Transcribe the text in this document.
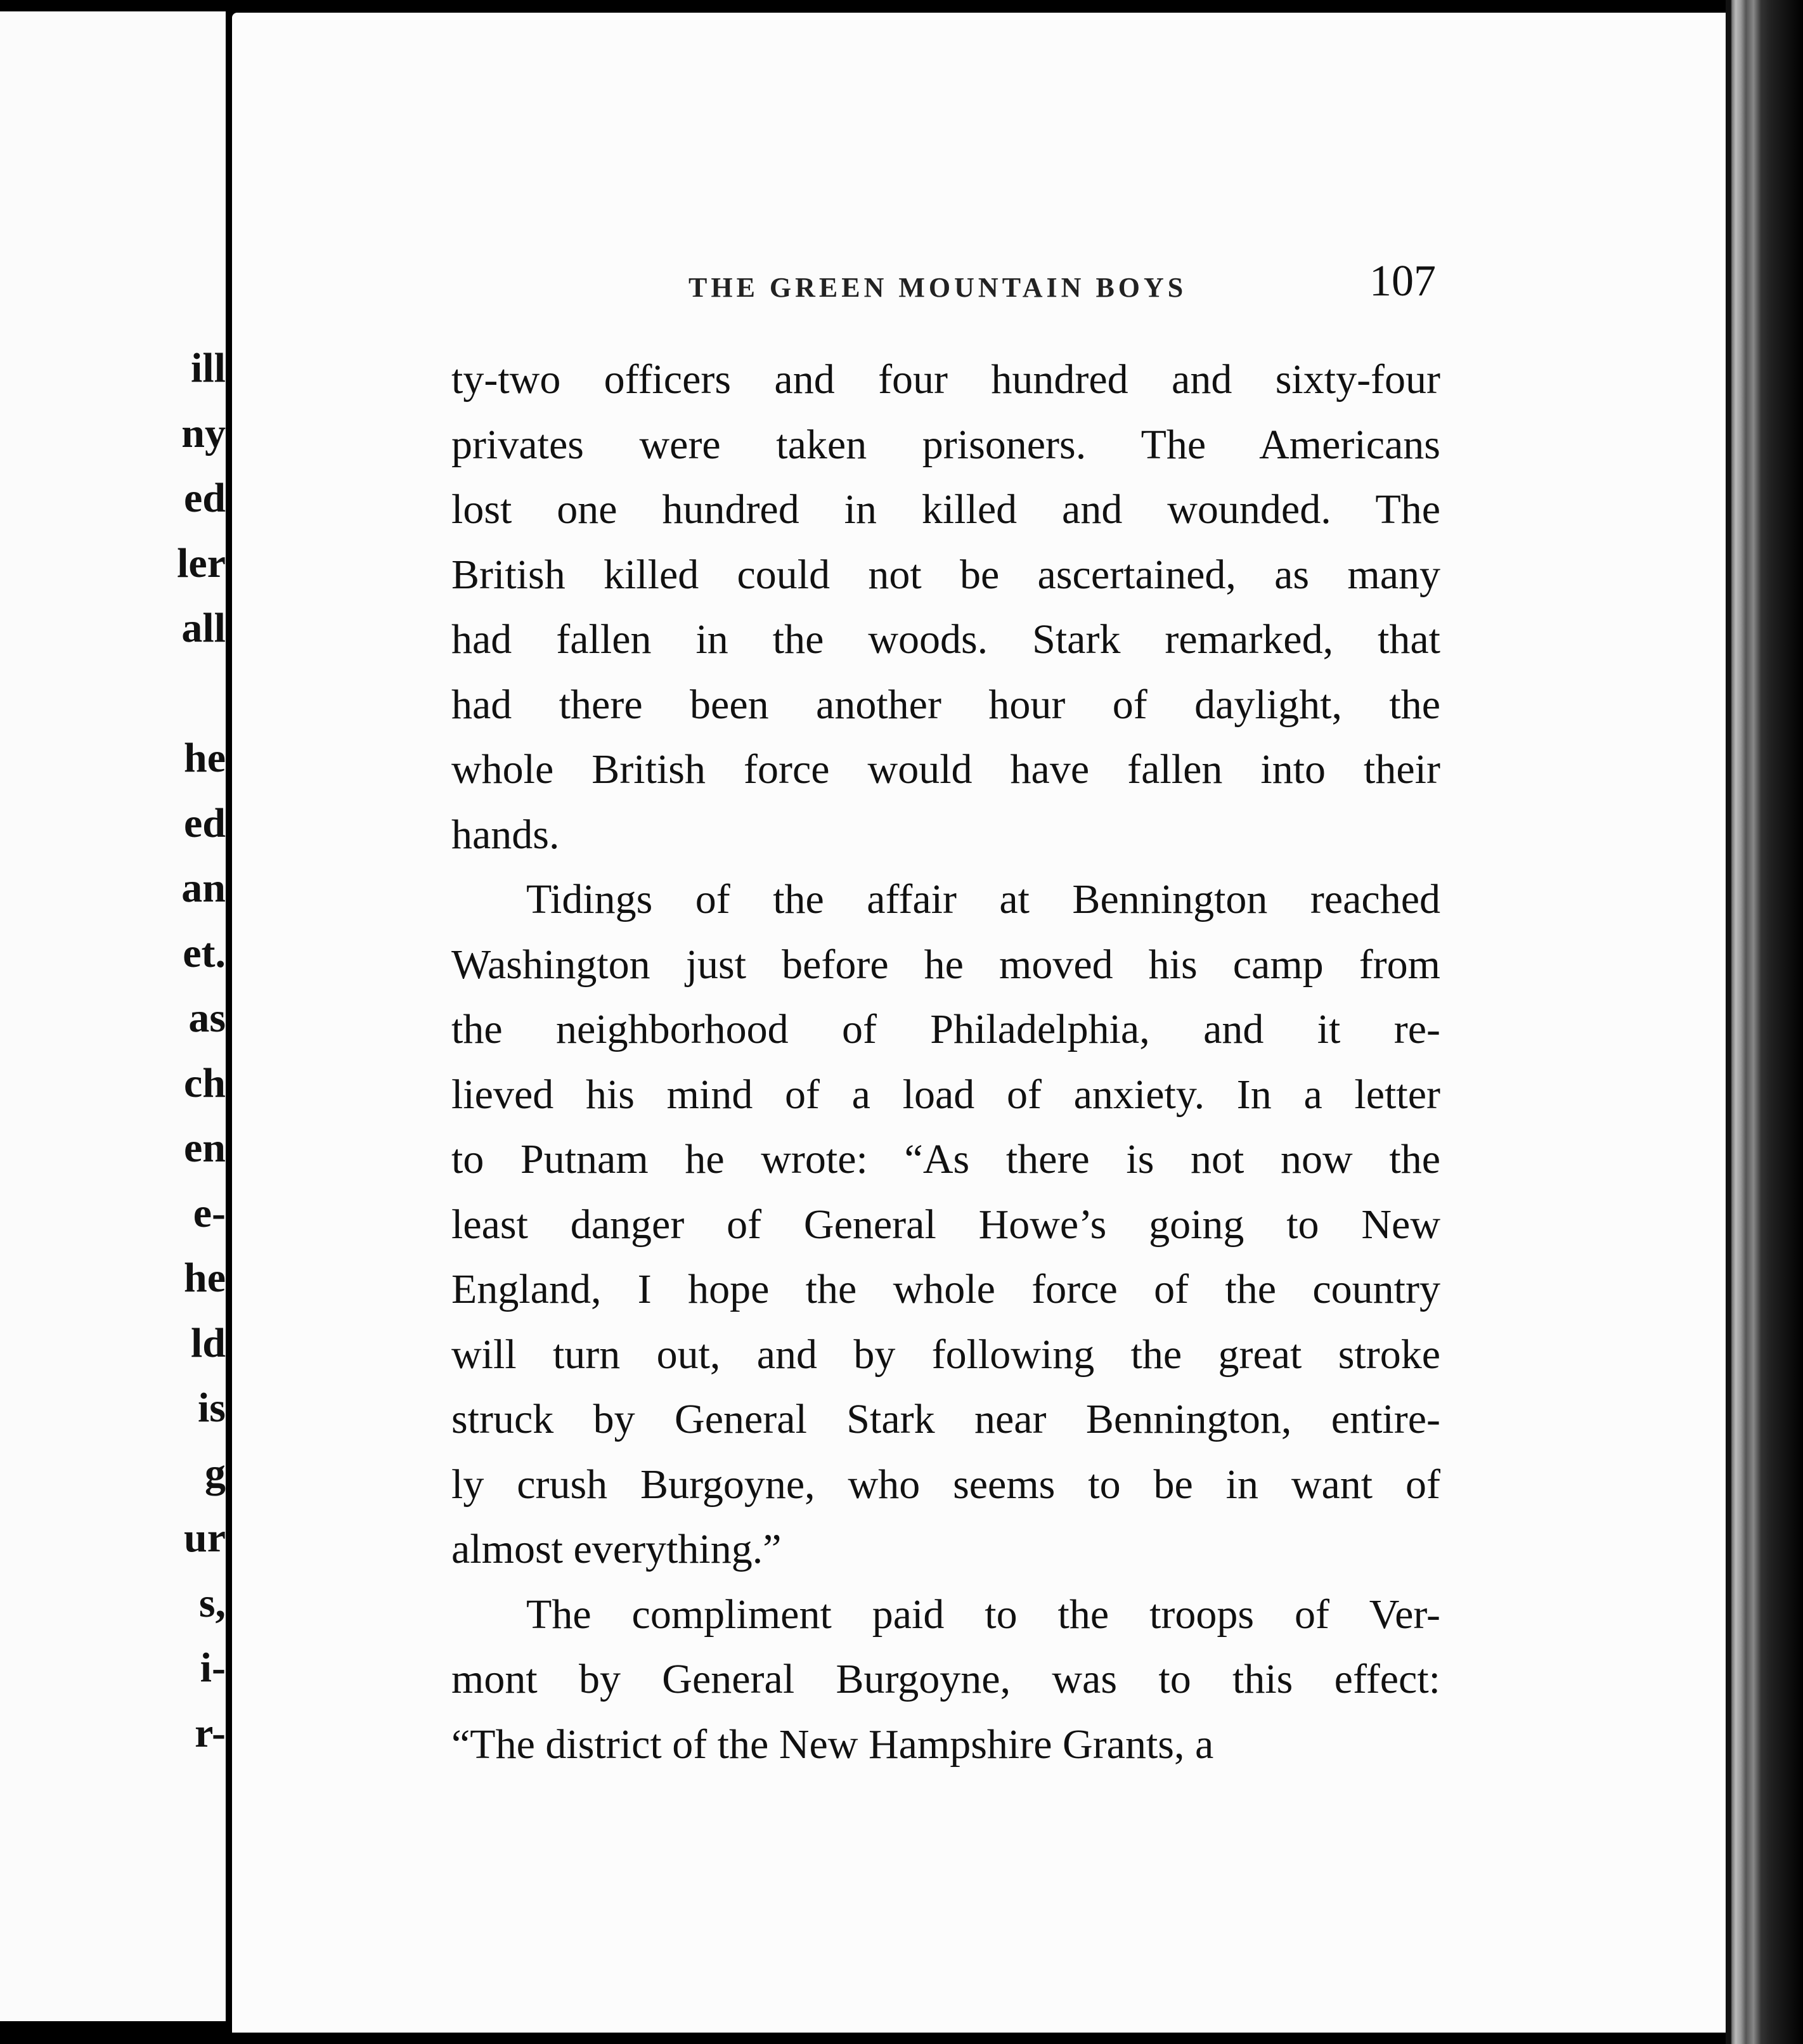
ill
ny
ed
ler
all
he
ed
an
et.
as
ch
en
e-
he
ld
is
g
ur
s,
i-
r-
THE GREEN MOUNTAIN BOYS	107
ty-two officers and four hundred and sixty-four
privates were taken prisoners. The Americans
lost one hundred in killed and wounded. The
British killed could not be ascertained, as many
had fallen in the woods. Stark remarked, that
had there been another hour of daylight, the
whole British force would have fallen into their
hands.
Tidings of the affair at Bennington reached
Washington just before he moved his camp from
the neighborhood of Philadelphia, and it re-
lieved his mind of a load of anxiety. In a letter
to Putnam he wrote: “As there is not now the
least danger of General Howe’s going to New
England, I hope the whole force of the country
will turn out, and by following the great stroke
struck by General Stark near Bennington, entire-
ly crush Burgoyne, who seems to be in want of
almost everything.”
The compliment paid to the troops of Ver-
mont by General Burgoyne, was to this effect:
“The district of the New Hampshire Grants, a
